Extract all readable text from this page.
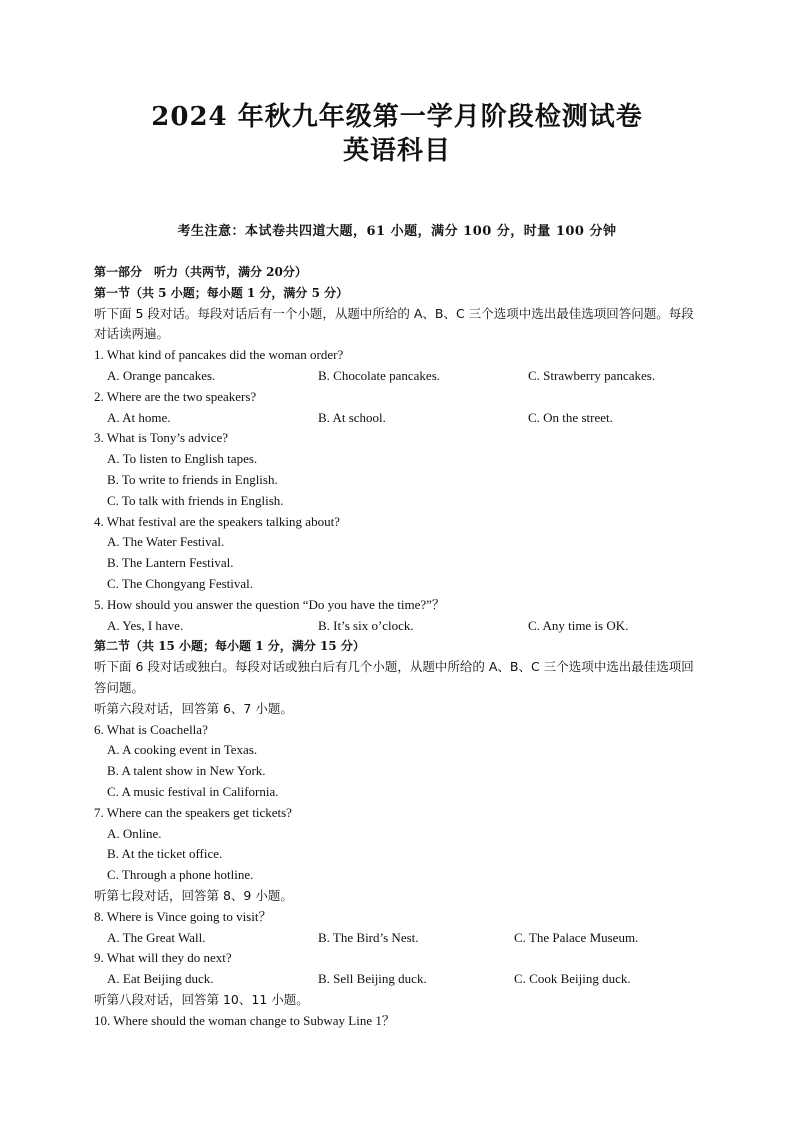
2024 年秋九年级第一学月阶段检测试卷
英语科目
考生注意：本试卷共四道大题，61 小题，满分 100 分，时量 100 分钟
第一部分　听力（共两节，满分 20分）
第一节（共 5 小题；每小题 1 分，满分 5 分）
听下面 5 段对话。每段对话后有一个小题，从题中所给的 A、B、C 三个选项中选出最佳选项回答问题。每段对话读两遍。
1. What kind of pancakes did the woman order?
A. Orange pancakes.	B. Chocolate pancakes.	C. Strawberry pancakes.
2. Where are the two speakers?
A. At home.	B. At school.	C. On the street.
3. What is Tony’s advice?
A. To listen to English tapes.
B. To write to friends in English.
C. To talk with friends in English.
4. What festival are the speakers talking about?
A. The Water Festival.
B. The Lantern Festival.
C. The Chongyang Festival.
5. How should you answer the question “Do you have the time?”？
A. Yes, I have.	B. It’s six o’clock.	C. Any time is OK.
第二节（共 15 小题；每小题 1 分，满分 15 分）
听下面 6 段对话或独白。每段对话或独白后有几个小题，从题中所给的 A、B、C 三个选项中选出最佳选项回答问题。
听第六段对话，回答第 6、7 小题。
6. What is Coachella?
A. A cooking event in Texas.
B. A talent show in New York.
C. A music festival in California.
7. Where can the speakers get tickets?
A. Online.
B. At the ticket office.
C. Through a phone hotline.
听第七段对话，回答第 8、9 小题。
8. Where is Vince going to visit？
A. The Great Wall.	B. The Bird’s Nest.	C. The Palace Museum.
9. What will they do next?
A. Eat Beijing duck.	B. Sell Beijing duck.	C. Cook Beijing duck.
听第八段对话，回答第 10、11 小题。
10. Where should the woman change to Subway Line 1？
